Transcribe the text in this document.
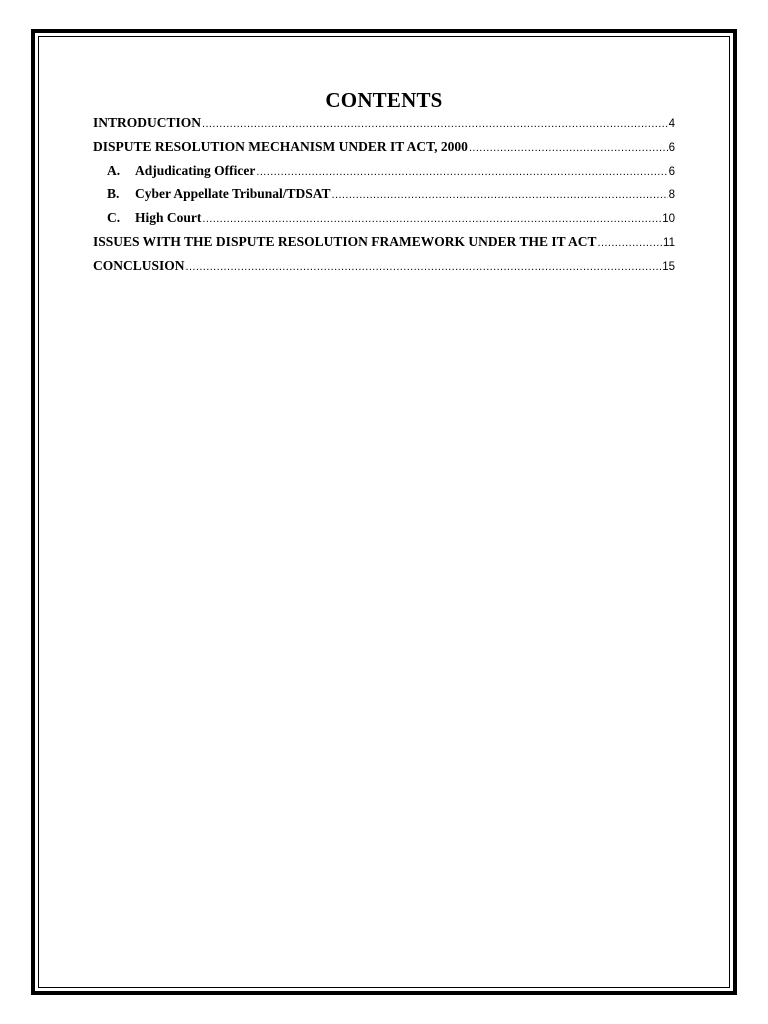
CONTENTS
INTRODUCTION .....	4
DISPUTE RESOLUTION MECHANISM UNDER IT ACT, 2000 .....	6
A.	Adjudicating Officer .....	6
B.	Cyber Appellate Tribunal/TDSAT .....	8
C.	High Court .....	10
ISSUES WITH THE DISPUTE RESOLUTION FRAMEWORK UNDER THE IT ACT .....	11
CONCLUSION .....	15
